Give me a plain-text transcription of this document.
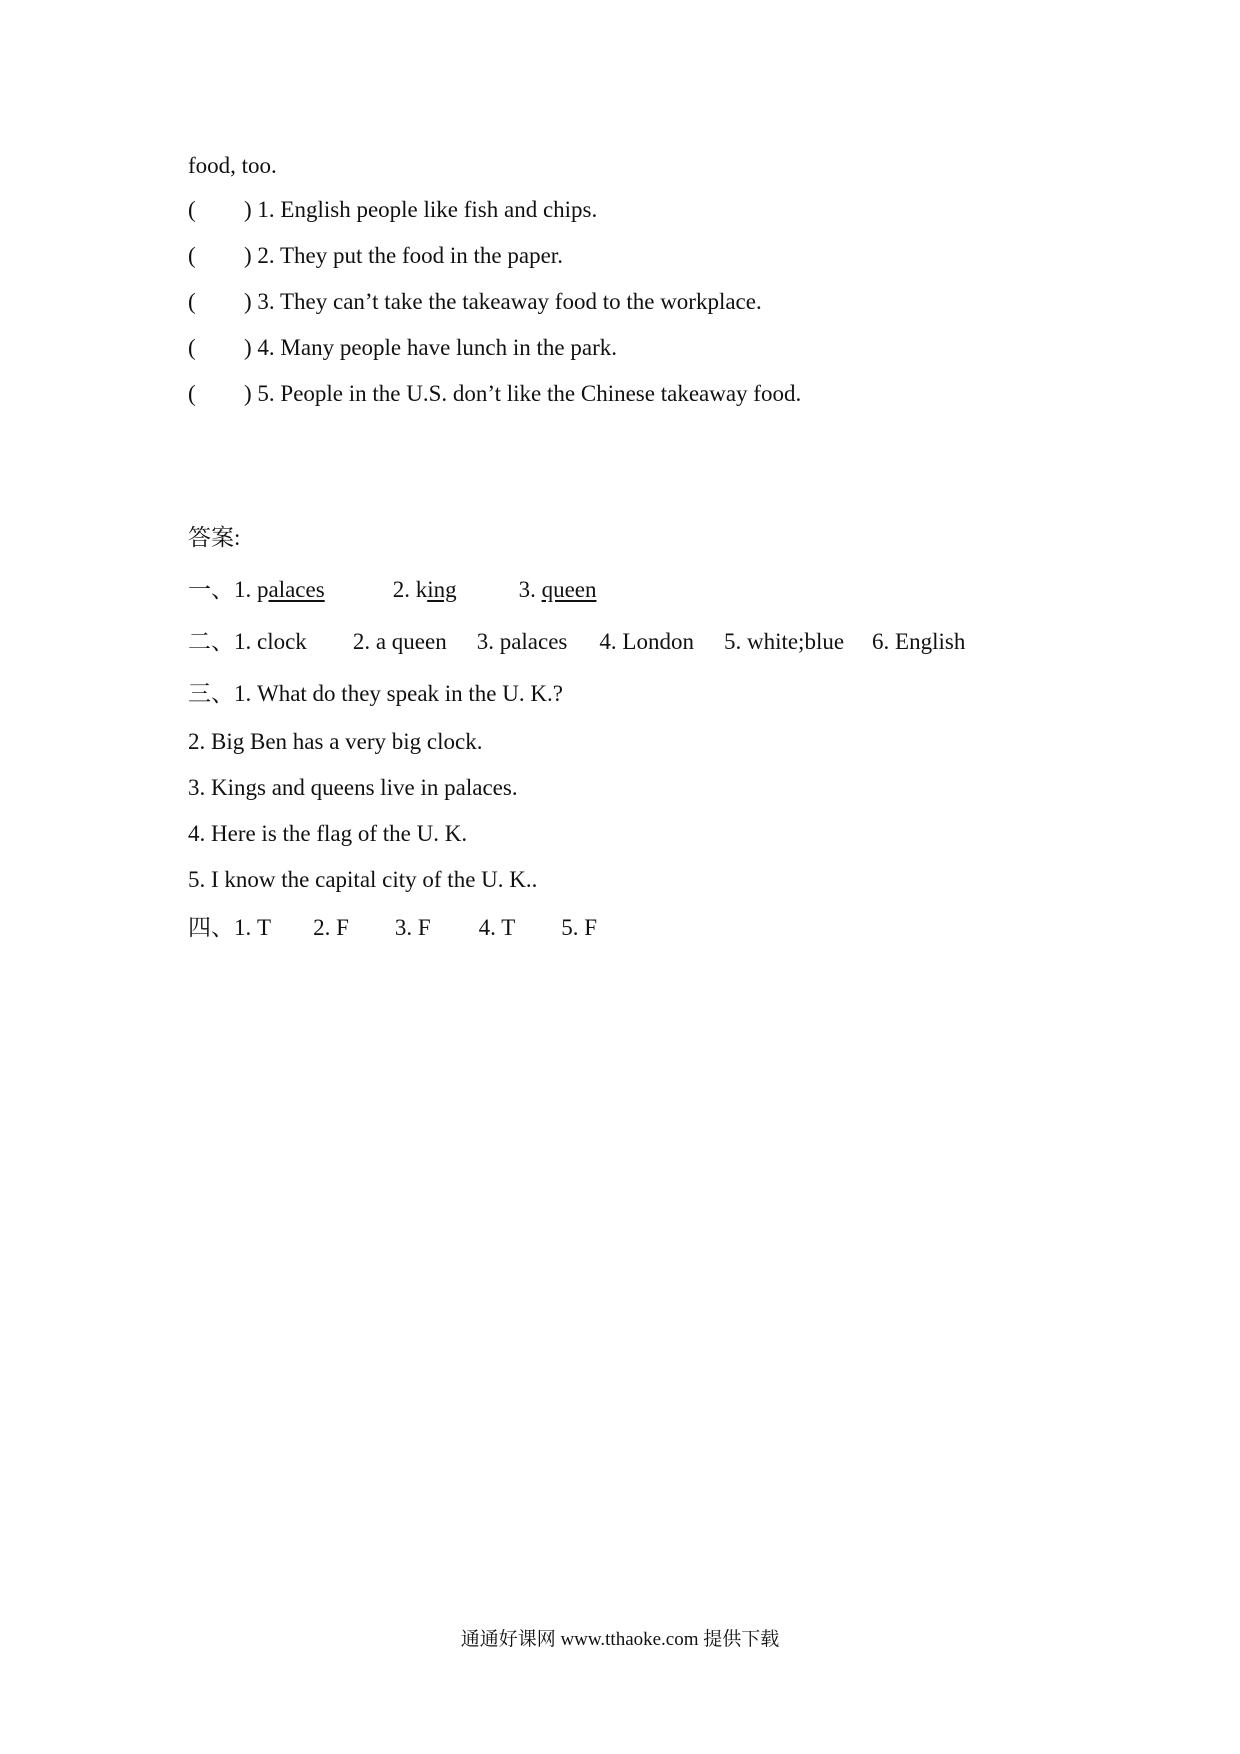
food, too.
( ) 1. English people like fish and chips.
( ) 2. They put the food in the paper.
( ) 3. They can’t take the takeaway food to the workplace.
( ) 4. Many people have lunch in the park.
( ) 5. People in the U.S. don’t like the Chinese takeaway food.
答案:
一、1. palaces	2. king	3. queen
二、1. clock 2. a queen 3. palaces 4. London 5. white;blue 6. English
三、1. What do they speak in the U. K.?
2. Big Ben has a very big clock.
3. Kings and queens live in palaces.
4. Here is the flag of the U. K.
5. I know the capital city of the U. K..
四、1. T 2. F 3. F 4. T 5. F
通通好课网 www.tthaoke.com 提供下载
